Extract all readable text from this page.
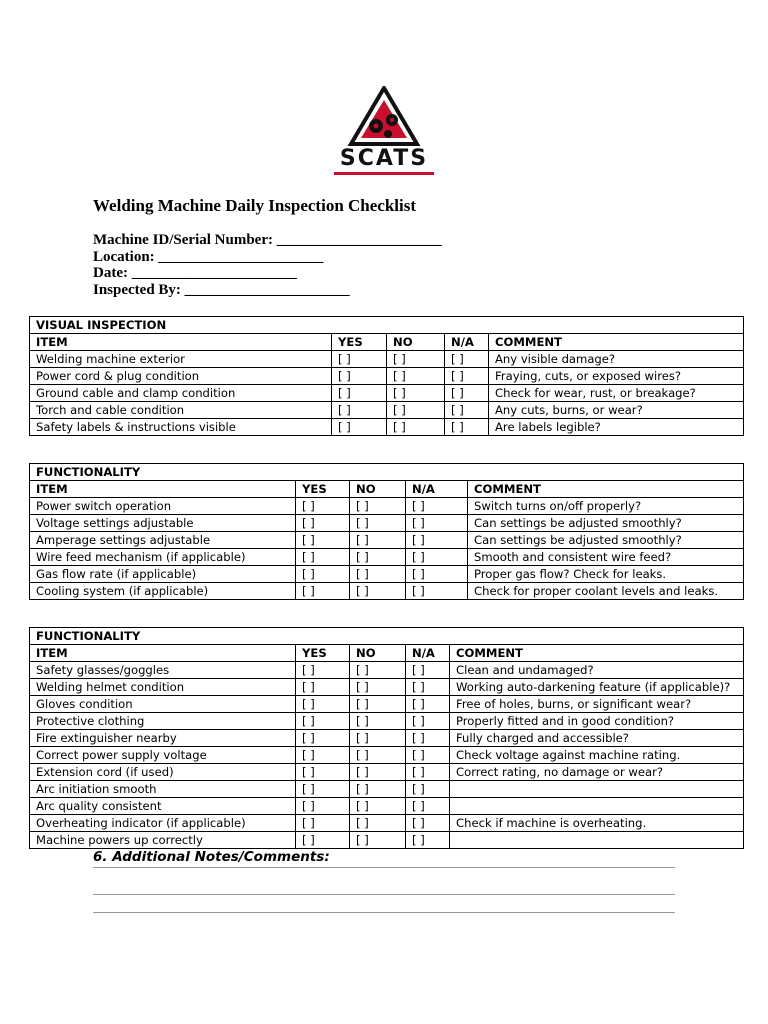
SCATS
Welding Machine Daily Inspection Checklist
Machine ID/Serial Number: ______________________
Location: ______________________
Date: ______________________
Inspected By: ______________________
VISUAL INSPECTION				
ITEM	YES	NO	N/A	COMMENT
Welding machine exterior	[ ]	[ ]	[ ]	Any visible damage?
Power cord & plug condition	[ ]	[ ]	[ ]	Fraying, cuts, or exposed wires?
Ground cable and clamp condition	[ ]	[ ]	[ ]	Check for wear, rust, or breakage?
Torch and cable condition	[ ]	[ ]	[ ]	Any cuts, burns, or wear?
Safety labels & instructions visible	[ ]	[ ]	[ ]	Are labels legible?
FUNCTIONALITY				
ITEM	YES	NO	N/A	COMMENT
Power switch operation	[ ]	[ ]	[ ]	Switch turns on/off properly?
Voltage settings adjustable	[ ]	[ ]	[ ]	Can settings be adjusted smoothly?
Amperage settings adjustable	[ ]	[ ]	[ ]	Can settings be adjusted smoothly?
Wire feed mechanism (if applicable)	[ ]	[ ]	[ ]	Smooth and consistent wire feed?
Gas flow rate (if applicable)	[ ]	[ ]	[ ]	Proper gas flow? Check for leaks.
Cooling system (if applicable)	[ ]	[ ]	[ ]	Check for proper coolant levels and leaks.
FUNCTIONALITY				
ITEM	YES	NO	N/A	COMMENT
Safety glasses/goggles	[ ]	[ ]	[ ]	Clean and undamaged?
Welding helmet condition	[ ]	[ ]	[ ]	Working auto-darkening feature (if applicable)?
Gloves condition	[ ]	[ ]	[ ]	Free of holes, burns, or significant wear?
Protective clothing	[ ]	[ ]	[ ]	Properly fitted and in good condition?
Fire extinguisher nearby	[ ]	[ ]	[ ]	Fully charged and accessible?
Correct power supply voltage	[ ]	[ ]	[ ]	Check voltage against machine rating.
Extension cord (if used)	[ ]	[ ]	[ ]	Correct rating, no damage or wear?
Arc initiation smooth	[ ]	[ ]	[ ]	
Arc quality consistent	[ ]	[ ]	[ ]	
Overheating indicator (if applicable)	[ ]	[ ]	[ ]	Check if machine is overheating.
Machine powers up correctly	[ ]	[ ]	[ ]	
6. Additional Notes/Comments:
